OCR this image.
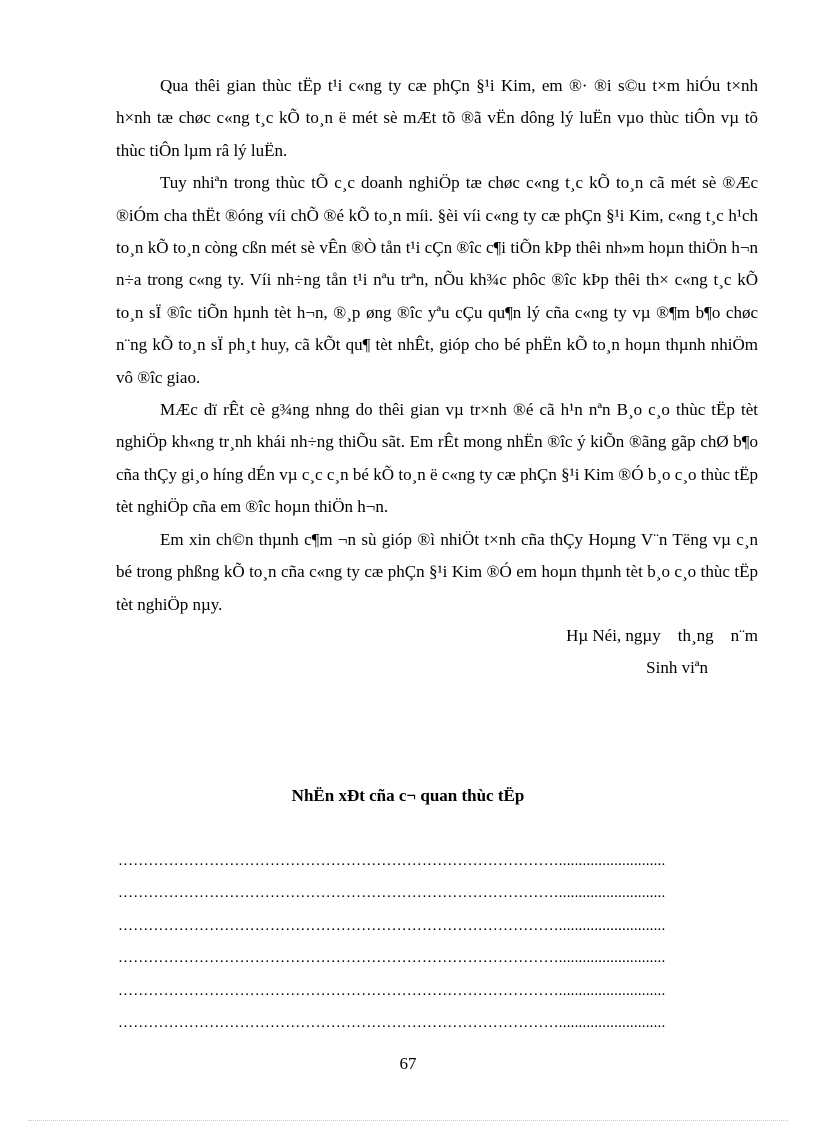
Qua thêi gian thùc tËp t¹i c«ng ty cæ phÇn §¹i Kim, em ®· ®i s©u t×m hiÓu t×nh h×nh tæ chøc c«ng t¸c kÕ to¸n ë mét sè mÆt tõ ®ã vËn dông lý luËn vµo thùc tiÔn vµ tõ thùc tiÔn lµm râ lý luËn.

Tuy nhiªn trong thùc tÕ c¸c doanh nghiÖp tæ chøc c«ng t¸c kÕ to¸n cã mét sè ®Æc ®iÓm cha thËt ®óng víi chÕ ®é kÕ to¸n míi. §èi víi c«ng ty cæ phÇn §¹i Kim, c«ng t¸c h¹ch to¸n kÕ to¸n còng cßn mét sè vÊn ®Ò tån t¹i cÇn ®îc c¶i tiÕn kÞp thêi nh»m hoµn thiÖn h¬n n÷a trong c«ng ty. Víi nh÷ng tån t¹i nªu trªn, nÕu kh¾c phôc ®îc kÞp thêi th× c«ng t¸c kÕ to¸n sÏ ®îc tiÕn hµnh tèt h¬n, ®¸p øng ®îc yªu cÇu qu¶n lý cña c«ng ty vµ ®¶m b¶o chøc n¨ng kÕ to¸n sÏ ph¸t huy, cã kÕt qu¶ tèt nhÊt, gióp cho bé phËn kÕ to¸n hoµn thµnh nhiÖm vô ®îc giao.

MÆc dï rÊt cè g¾ng nhng do thêi gian vµ tr×nh ®é cã h¹n nªn B¸o c¸o thùc tËp tèt nghiÖp kh«ng tr¸nh khái nh÷ng thiÕu sãt. Em rÊt mong nhËn ®îc ý kiÕn ®ãng gãp chØ b¶o cña thÇy gi¸o híng dÉn vµ c¸c c¸n bé kÕ to¸n ë c«ng ty cæ phÇn §¹i Kim ®Ó b¸o c¸o thùc tËp tèt nghiÖp cña em ®îc hoµn thiÖn h¬n.

Em xin ch©n thµnh c¶m ¬n sù gióp ®ì nhiÖt t×nh cña thÇy Hoµng V¨n Tëng vµ c¸n bé trong phßng kÕ to¸n cña c«ng ty cæ phÇn §¹i Kim ®Ó em hoµn thµnh tèt b¸o c¸o thùc tËp tèt nghiÖp nµy.

Hµ Néi, ngµy    th¸ng    n¨m
Sinh viªn
NhËn xÐt cña c¬ quan thùc tËp
……………………………………………………………………………...........................
……………………………………………………………………………...........................
……………………………………………………………………………...........................
……………………………………………………………………………...........................
……………………………………………………………………………...........................
……………………………………………………………………………...........................
67
